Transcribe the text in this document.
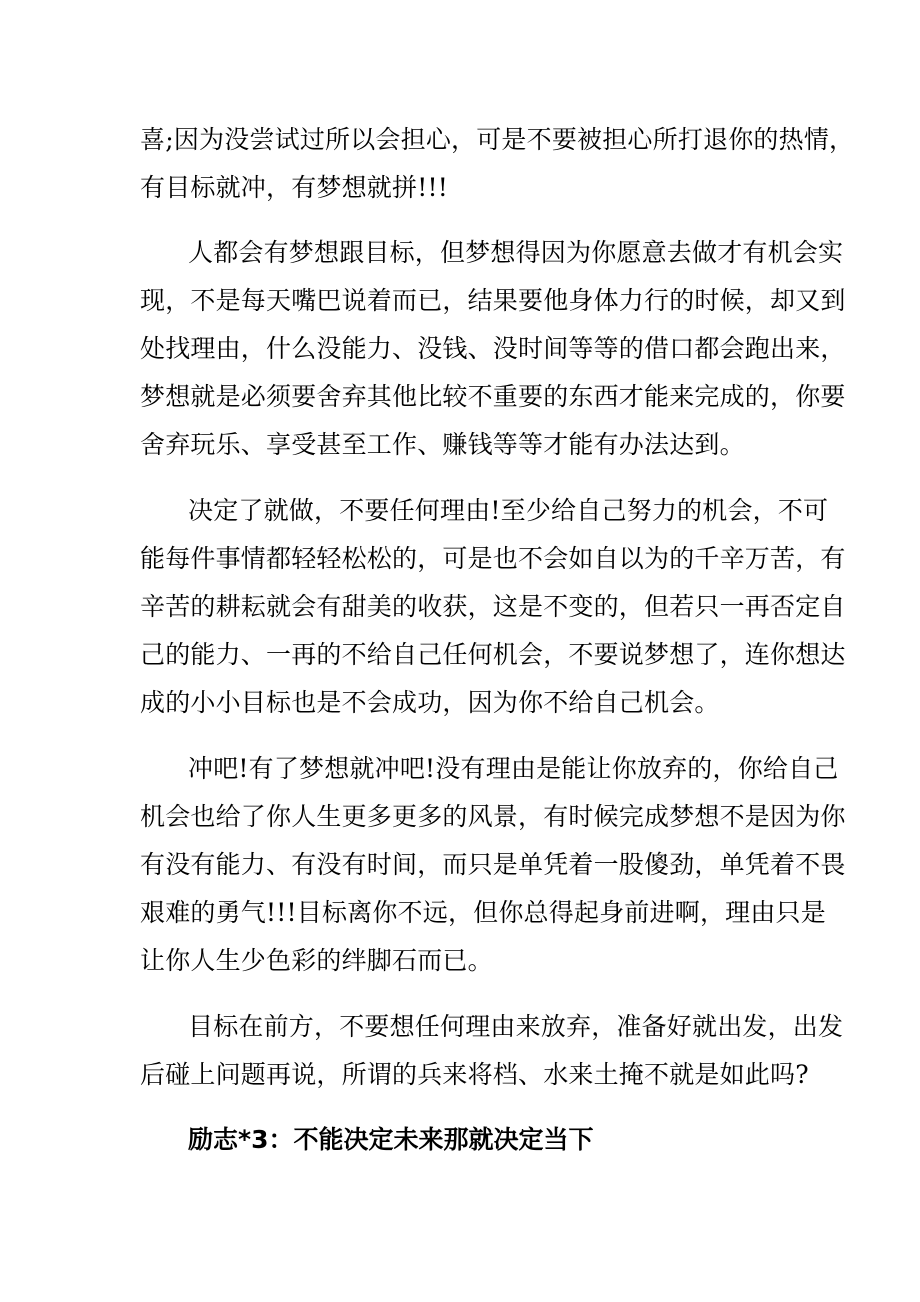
喜;因为没尝试过所以会担心，可是不要被担心所打退你的热情，
有目标就冲，有梦想就拼!!!
人都会有梦想跟目标，但梦想得因为你愿意去做才有机会实
现，不是每天嘴巴说着而已，结果要他身体力行的时候，却又到
处找理由，什么没能力、没钱、没时间等等的借口都会跑出来，
梦想就是必须要舍弃其他比较不重要的东西才能来完成的，你要
舍弃玩乐、享受甚至工作、赚钱等等才能有办法达到。
决定了就做，不要任何理由!至少给自己努力的机会，不可
能每件事情都轻轻松松的，可是也不会如自以为的千辛万苦，有
辛苦的耕耘就会有甜美的收获，这是不变的，但若只一再否定自
己的能力、一再的不给自己任何机会，不要说梦想了，连你想达
成的小小目标也是不会成功，因为你不给自己机会。
冲吧!有了梦想就冲吧!没有理由是能让你放弃的，你给自己
机会也给了你人生更多更多的风景，有时候完成梦想不是因为你
有没有能力、有没有时间，而只是单凭着一股傻劲，单凭着不畏
艰难的勇气!!!目标离你不远，但你总得起身前进啊，理由只是
让你人生少色彩的绊脚石而已。
目标在前方，不要想任何理由来放弃，准备好就出发，出发
后碰上问题再说，所谓的兵来将档、水来土掩不就是如此吗?
励志*3：不能决定未来那就决定当下
